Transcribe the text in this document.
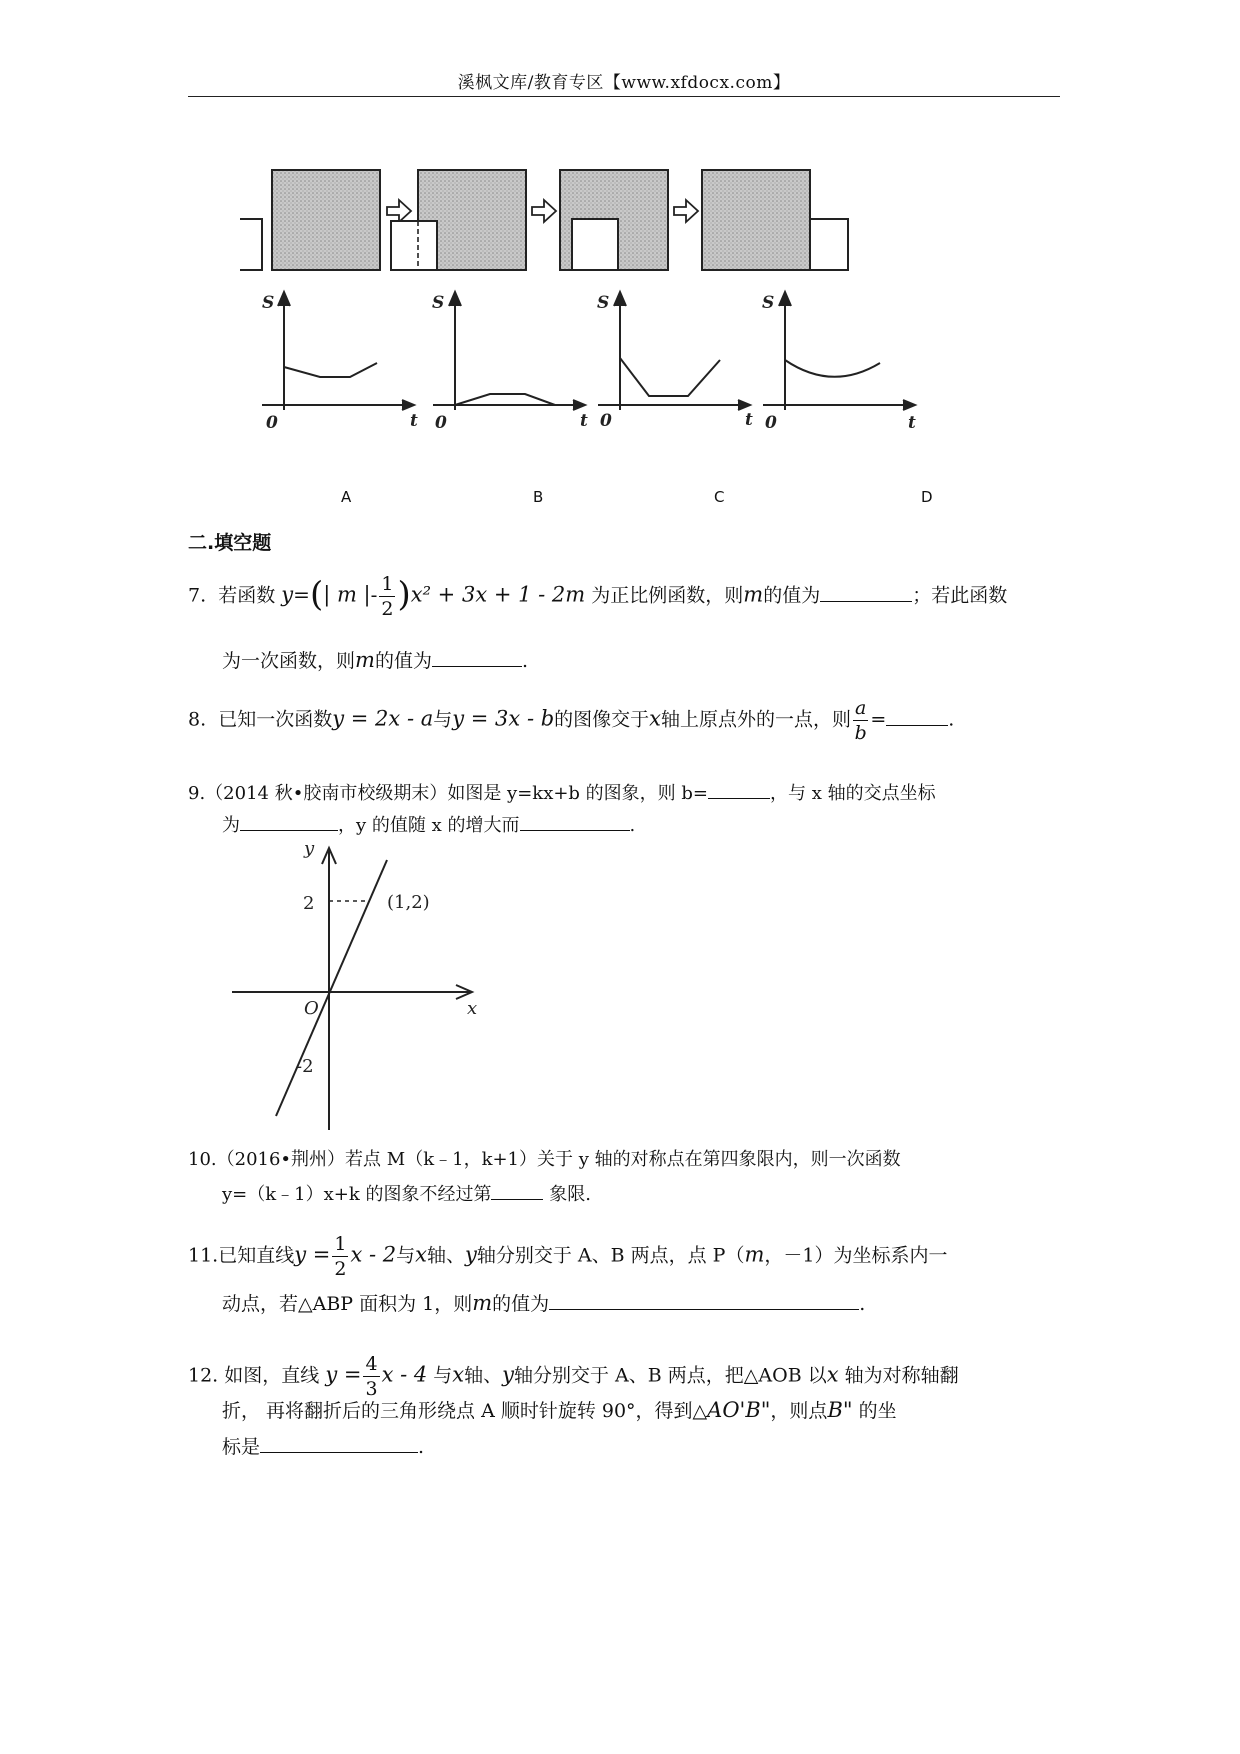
溪枫文库/教育专区【www.xfdocx.com】
S	S	S	S
0	0	0	0
t	t	t	t
A	B	C	D
二.填空题
7. 若函数 y=(| m |- $\frac{1}{2} )x^2 + 3x + 1 - 2m$ 为正比例函数，则m的值为	；若此函数
为一次函数，则m的值为	.
8. 已知一次函数y = 2x - a与y = 3x - b的图像交于x轴上原点外的一点，则 $\frac{a}{b}$ =	.
9.（2014 秋•胶南市校级期末）如图是 y=kx+b 的图象，则 b=	，与 x 轴的交点坐标
为	，y 的值随 x 的增大而	.
y
x
O
2
-2
(1,2)
10.（2016•荆州）若点 M（k﹣1，k+1）关于 y 轴的对称点在第四象限内，则一次函数
y=（k﹣1）x+k 的图象不经过第	象限.
11.已知直线$y = \frac{1}{2}$ x - 2与x轴、y轴分别交于 A、B 两点，点 P（m，－1）为坐标系内一
动点，若△ABP 面积为 1，则m的值为	.
12. 如图，直线 $y = \frac{4}{3}$ x - 4 与x轴、y轴分别交于 A、B 两点，把△AOB 以x 轴为对称轴翻
折， 再将翻折后的三角形绕点 A 顺时针旋转 90°，得到△AO'B"，则点B" 的坐
标是	.
